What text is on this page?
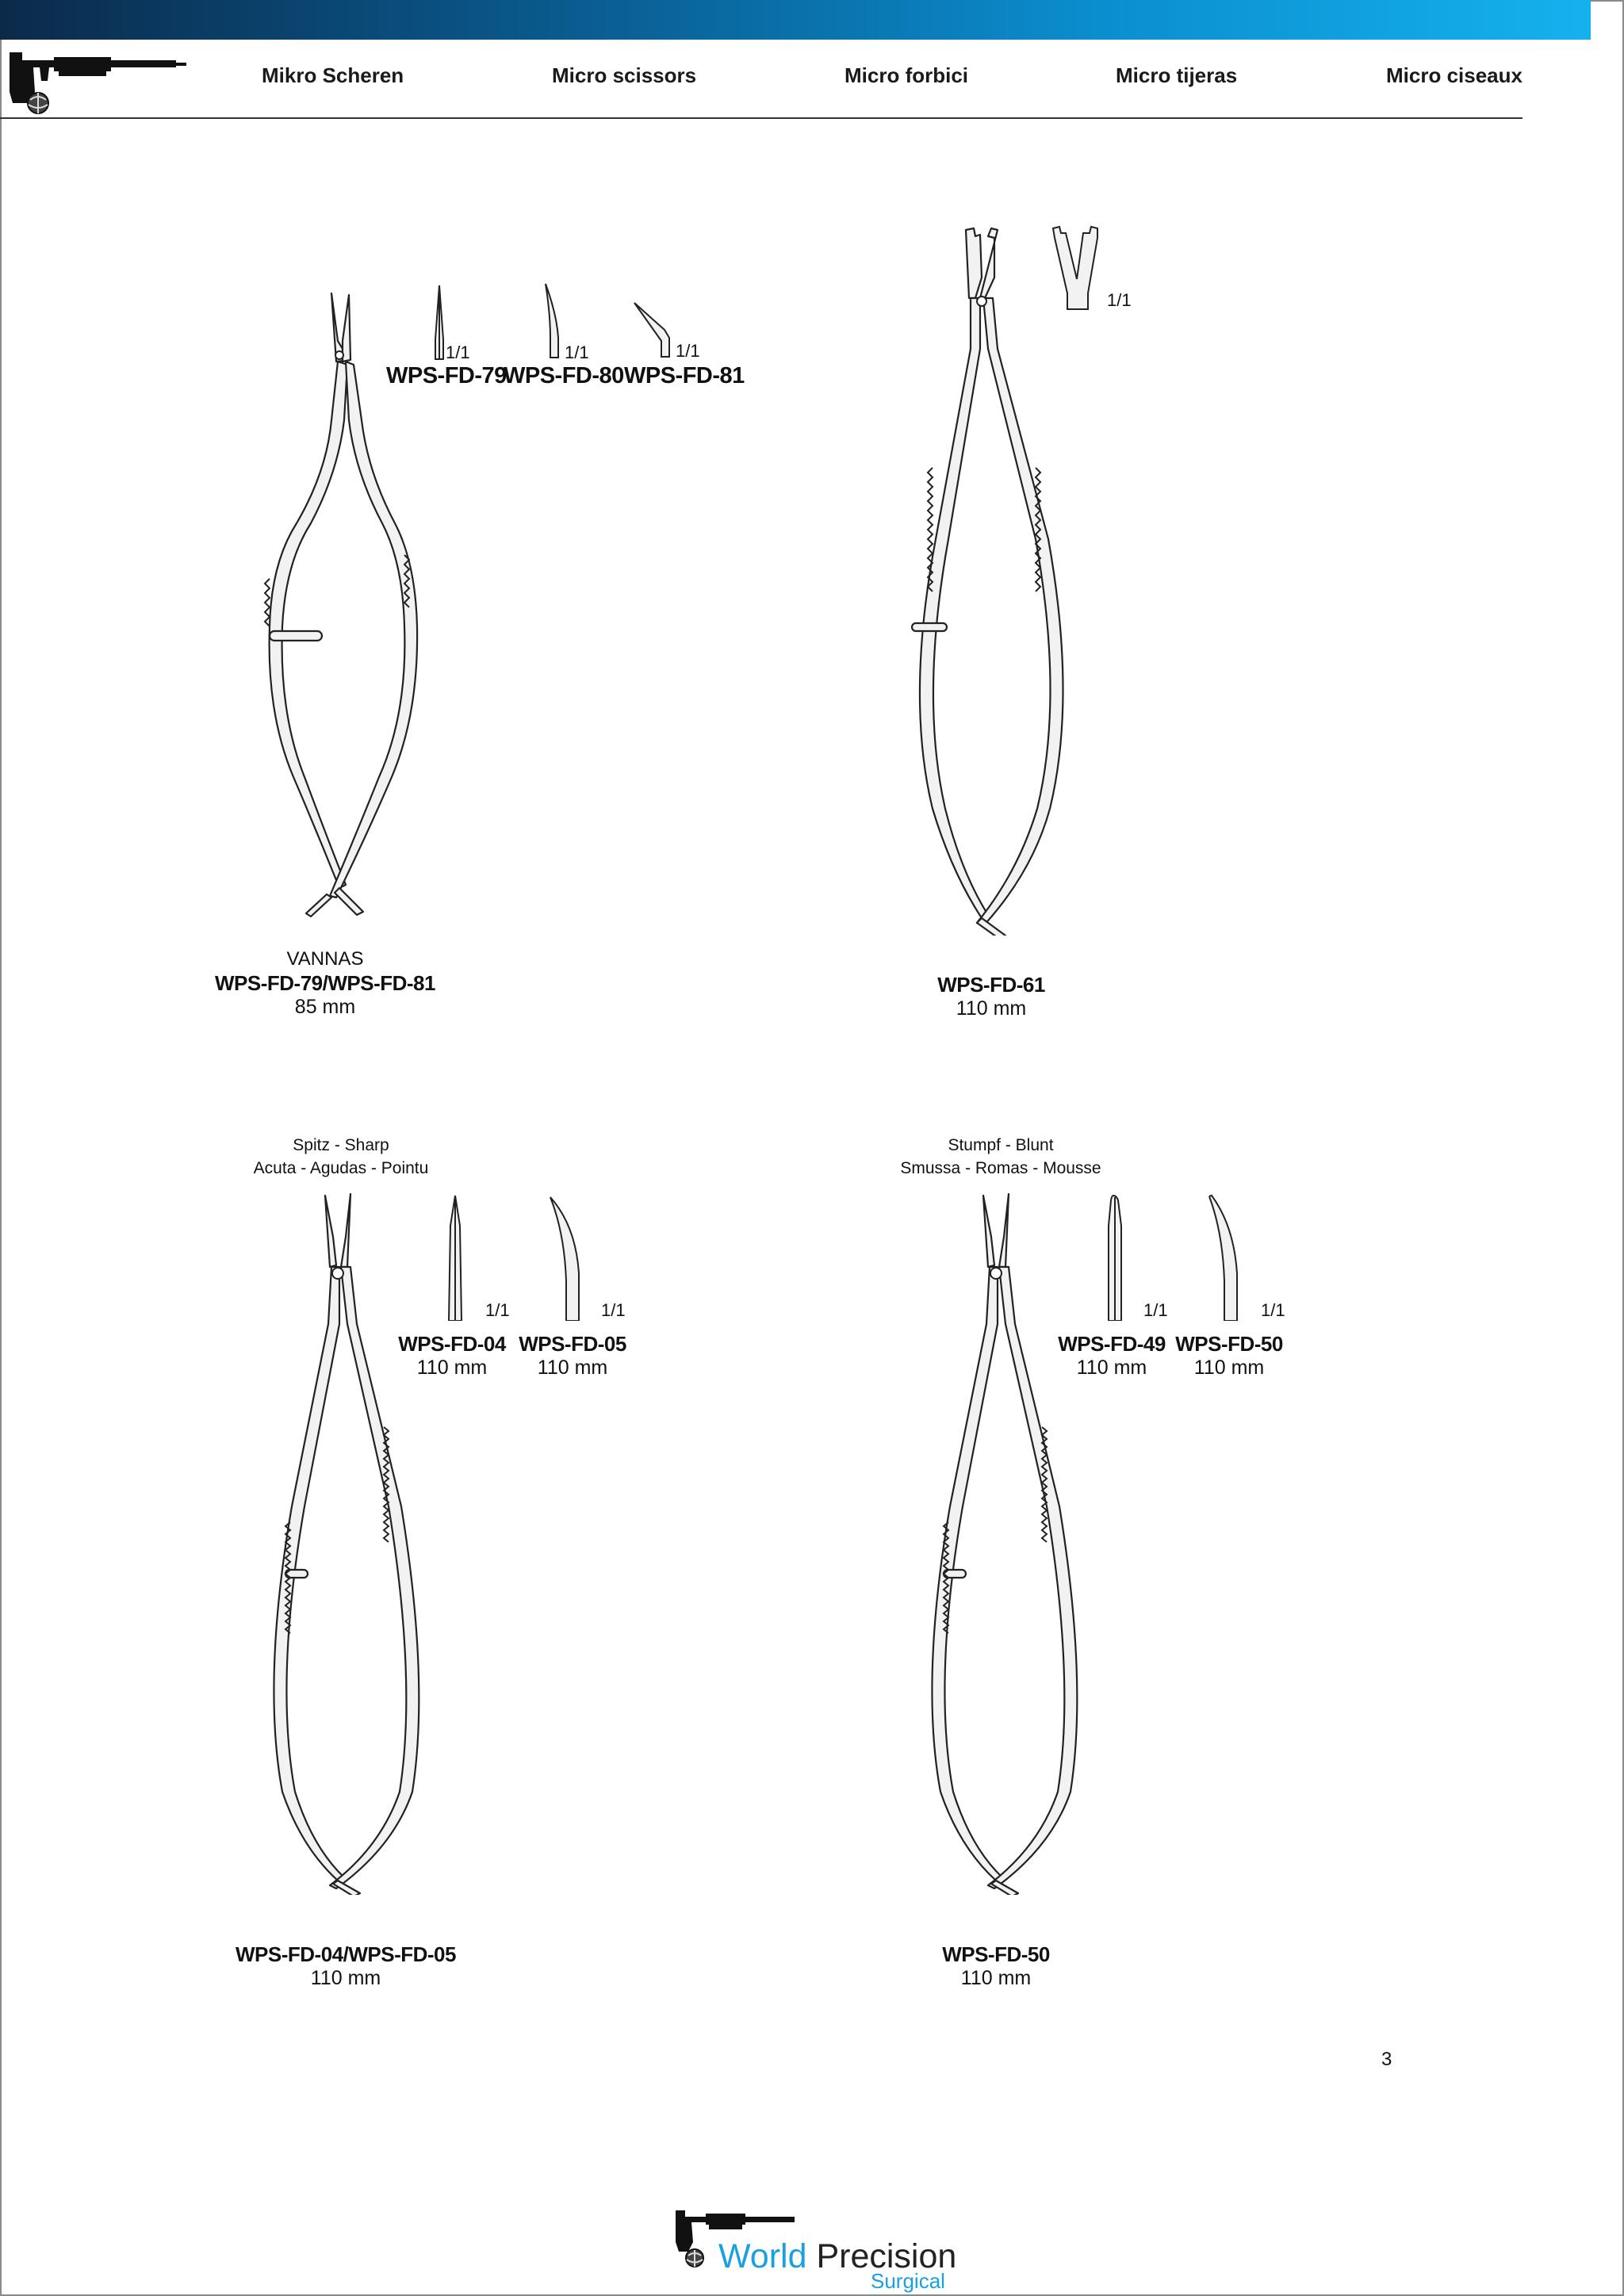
Mikro Scheren	Micro scissors	Micro forbici	Micro tijeras	Micro ciseaux
1/1
WPS-FD-79
1/1
WPS-FD-80
1/1
WPS-FD-81
VANNAS
WPS-FD-79/WPS-FD-81
85 mm
1/1
WPS-FD-61
110 mm
Spitz - Sharp
Acuta - Agudas - Pointu
1/1
WPS-FD-04
110 mm
1/1
WPS-FD-05
110 mm
WPS-FD-04/WPS-FD-05
110 mm
Stumpf - Blunt
Smussa - Romas - Mousse
1/1
WPS-FD-49
110 mm
1/1
WPS-FD-50
110 mm
WPS-FD-50
110 mm
3
World Precision
Surgical
